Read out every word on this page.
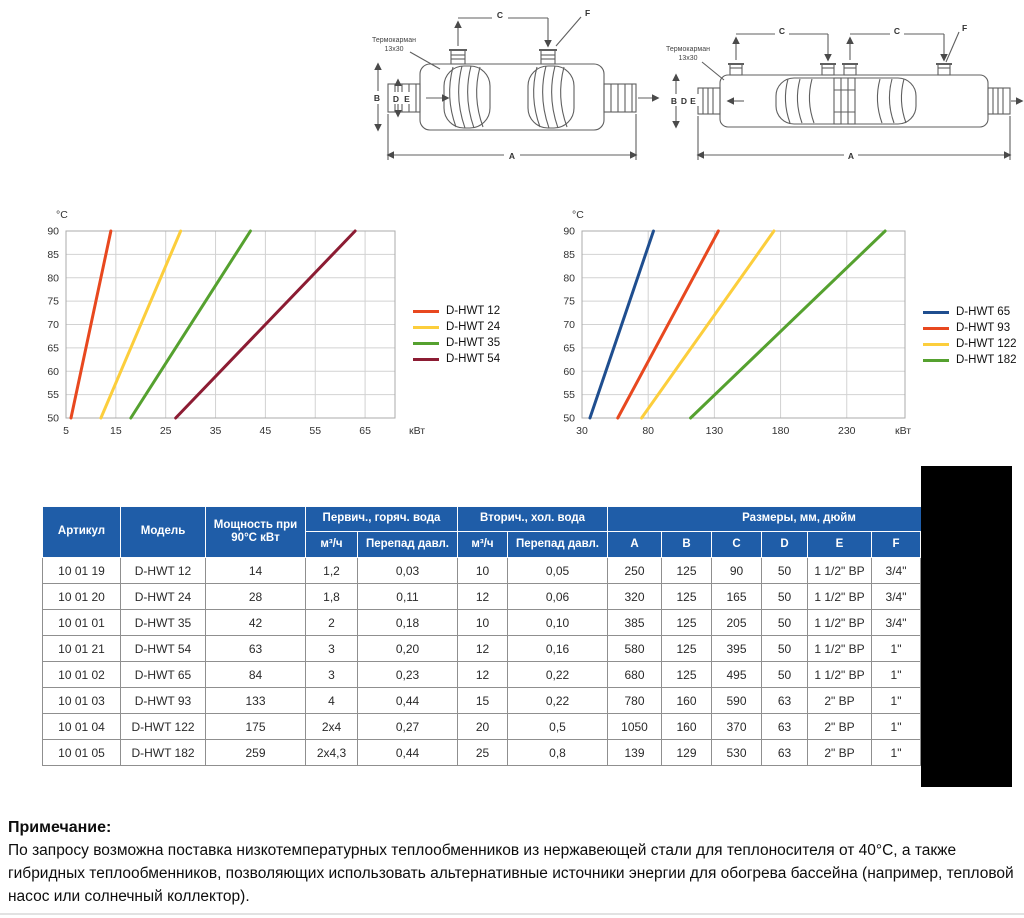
C	F
Термокарман
13х30
B D E
A
C	C	F
Термокарман
13х30
B D E
A
50
55
60
65
70
75
80
85
90
5	15	25	35	45	55	65
°C
кВт
D-HWT 12
D-HWT 24
D-HWT 35
D-HWT 54
50
55
60
65
70
75
80
85
90
30	80	130	180	230
°C
кВт
D-HWT 65
D-HWT 93
D-HWT 122
D-HWT 182
Артикул	Модель	Мощность при 90°С кВт	Первич., горяч. вода		Вторич., хол. вода		Размеры, мм, дюйм						
			м³/ч	Перепад давл.	м³/ч	Перепад давл.	A	B	C	D	E	F	
10 01 19	D-HWT 12	14	1,2	0,03	10	0,05	250	125	90	50	1 1/2" ВР	3/4"	
10 01 20	D-HWT 24	28	1,8	0,11	12	0,06	320	125	165	50	1 1/2" ВР	3/4"	
10 01 01	D-HWT 35	42	2	0,18	10	0,10	385	125	205	50	1 1/2" ВР	3/4"	
10 01 21	D-HWT 54	63	3	0,20	12	0,16	580	125	395	50	1 1/2" ВР	1"	
10 01 02	D-HWT 65	84	3	0,23	12	0,22	680	125	495	50	1 1/2" ВР	1"	
10 01 03	D-HWT 93	133	4	0,44	15	0,22	780	160	590	63	2" ВР	1"	
10 01 04	D-HWT 122	175	2x4	0,27	20	0,5	1050	160	370	63	2" ВР	1"	
10 01 05	D-HWT 182	259	2x4,3	0,44	25	0,8	139	129	530	63	2" ВР	1"	
Примечание:
По запросу возможна поставка низкотемпературных теплообменников из нержавеющей стали для теплоносителя от 40°С, а также гибридных теплообменников, позволяющих использовать альтернативные источники энергии для обогрева бассейна (например, тепловой насос или солнечный коллектор).
